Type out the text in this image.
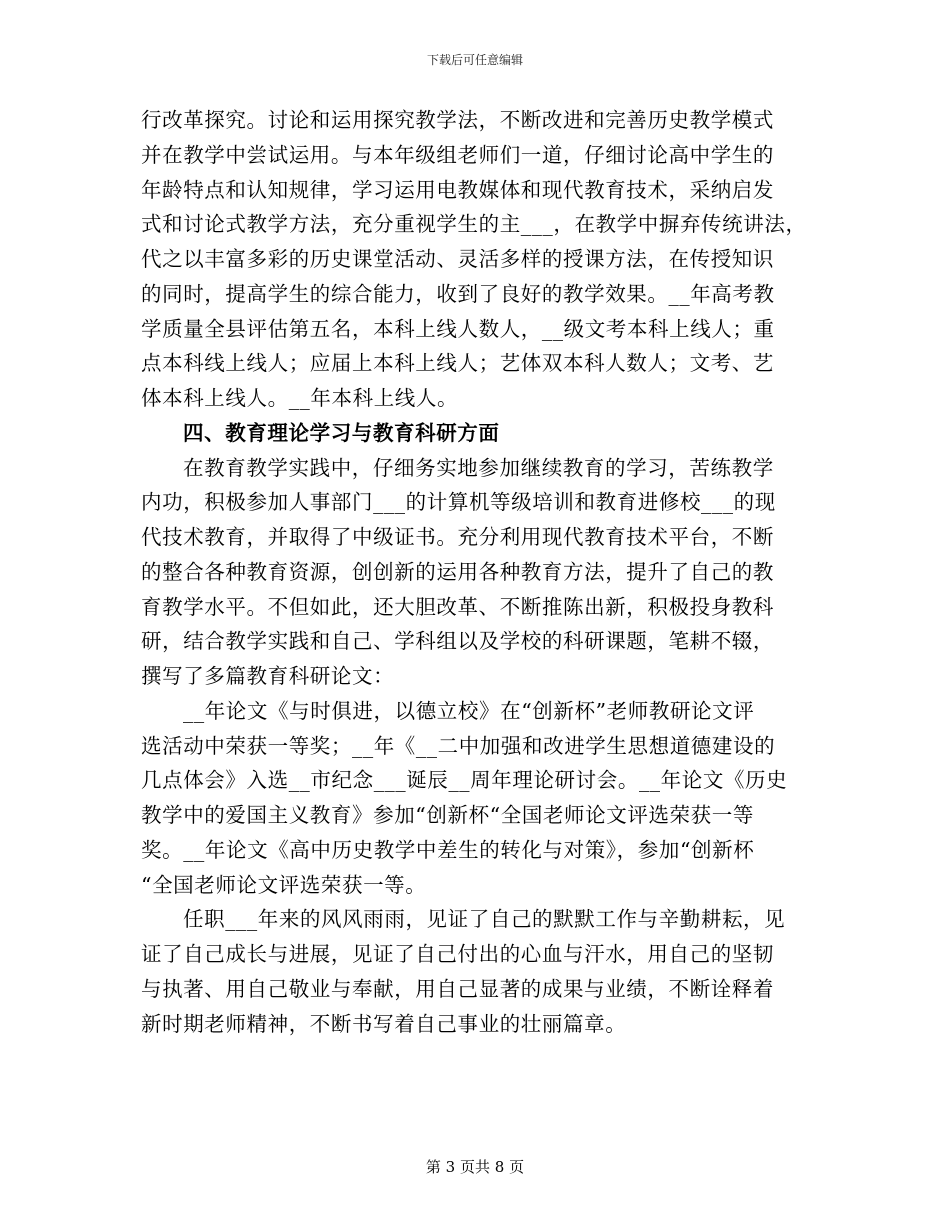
下载后可任意编辑
行改革探究。讨论和运用探究教学法，不断改进和完善历史教学模式
并在教学中尝试运用。与本年级组老师们一道，仔细讨论高中学生的
年龄特点和认知规律，学习运用电教媒体和现代教育技术，采纳启发
式和讨论式教学方法，充分重视学生的主___，在教学中摒弃传统讲法，
代之以丰富多彩的历史课堂活动、灵活多样的授课方法，在传授知识
的同时，提高学生的综合能力，收到了良好的教学效果。__年高考教
学质量全县评估第五名，本科上线人数人，__级文考本科上线人；重
点本科线上线人；应届上本科上线人；艺体双本科人数人；文考、艺
体本科上线人。__年本科上线人。
四、教育理论学习与教育科研方面
在教育教学实践中，仔细务实地参加继续教育的学习，苦练教学
内功，积极参加人事部门___的计算机等级培训和教育进修校___的现
代技术教育，并取得了中级证书。充分利用现代教育技术平台，不断
的整合各种教育资源，创创新的运用各种教育方法，提升了自己的教
育教学水平。不但如此，还大胆改革、不断推陈出新，积极投身教科
研，结合教学实践和自己、学科组以及学校的科研课题，笔耕不辍，
撰写了多篇教育科研论文：
__年论文《与时俱进，以德立校》在“创新杯”老师教研论文评
选活动中荣获一等奖；__年《__二中加强和改进学生思想道德建设的
几点体会》入选__市纪念___诞辰__周年理论研讨会。__年论文《历史
教学中的爱国主义教育》参加“创新杯“全国老师论文评选荣获一等
奖。__年论文《高中历史教学中差生的转化与对策》，参加“创新杯
“全国老师论文评选荣获一等。
任职___年来的风风雨雨，见证了自己的默默工作与辛勤耕耘，见
证了自己成长与进展，见证了自己付出的心血与汗水，用自己的坚韧
与执著、用自己敬业与奉献，用自己显著的成果与业绩，不断诠释着
新时期老师精神，不断书写着自己事业的壮丽篇章。
第 3 页共 8 页
